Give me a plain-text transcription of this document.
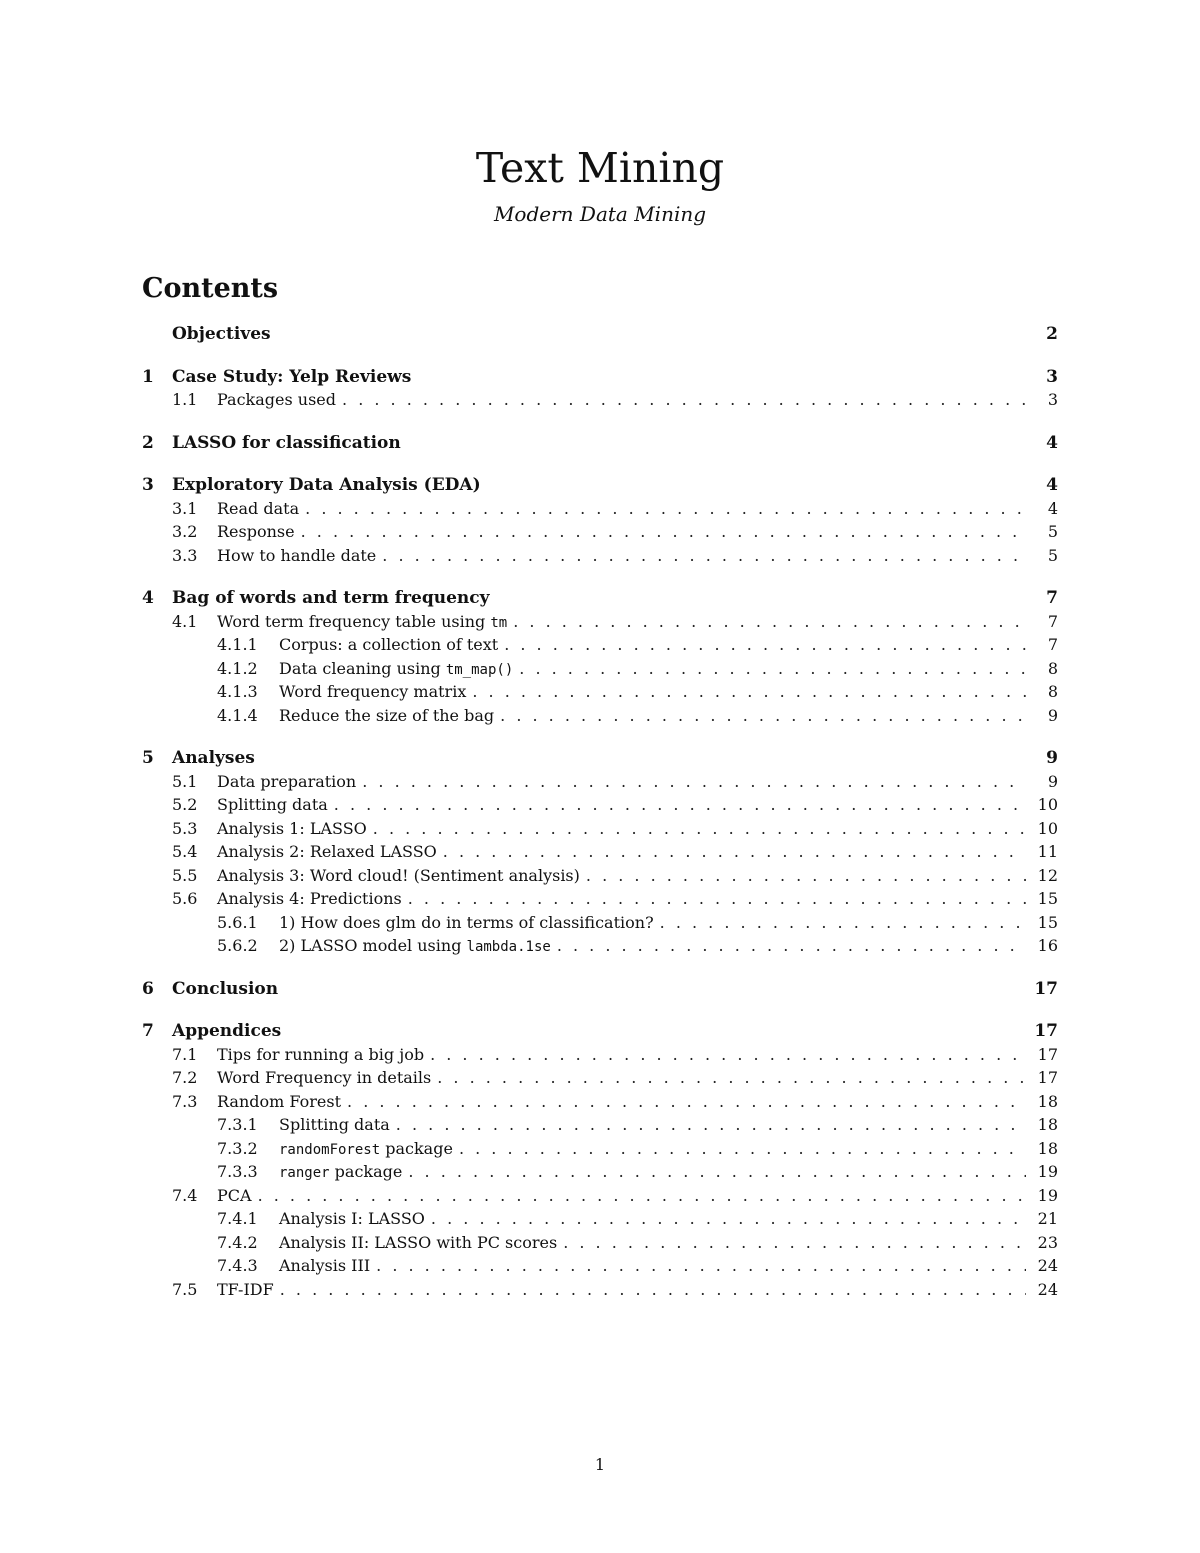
Text Mining
Modern Data Mining
Contents
Objectives	2
1	Case Study: Yelp Reviews	3
1.1	Packages used . . .	3
2	LASSO for classification	4
3	Exploratory Data Analysis (EDA)	4
3.1	Read data . . .	4
3.2	Response . . .	5
3.3	How to handle date . . .	5
4	Bag of words and term frequency	7
4.1	Word term frequency table using tm . . .	7
4.1.1	Corpus: a collection of text . . .	7
4.1.2	Data cleaning using tm_map() . . .	8
4.1.3	Word frequency matrix . . .	8
4.1.4	Reduce the size of the bag . . .	9
5	Analyses	9
5.1	Data preparation . . .	9
5.2	Splitting data . . .	10
5.3	Analysis 1: LASSO . . .	10
5.4	Analysis 2: Relaxed LASSO . . .	11
5.5	Analysis 3: Word cloud! (Sentiment analysis) . . .	12
5.6	Analysis 4: Predictions . . .	15
5.6.1	1) How does glm do in terms of classification? . . .	15
5.6.2	2) LASSO model using lambda.1se . . .	16
6	Conclusion	17
7	Appendices	17
7.1	Tips for running a big job . . .	17
7.2	Word Frequency in details . . .	17
7.3	Random Forest . . .	18
7.3.1	Splitting data . . .	18
7.3.2	randomForest package . . .	18
7.3.3	ranger package . . .	19
7.4	PCA . . .	19
7.4.1	Analysis I: LASSO . . .	21
7.4.2	Analysis II: LASSO with PC scores . . .	23
7.4.3	Analysis III . . .	24
7.5	TF-IDF . . .	24
1
